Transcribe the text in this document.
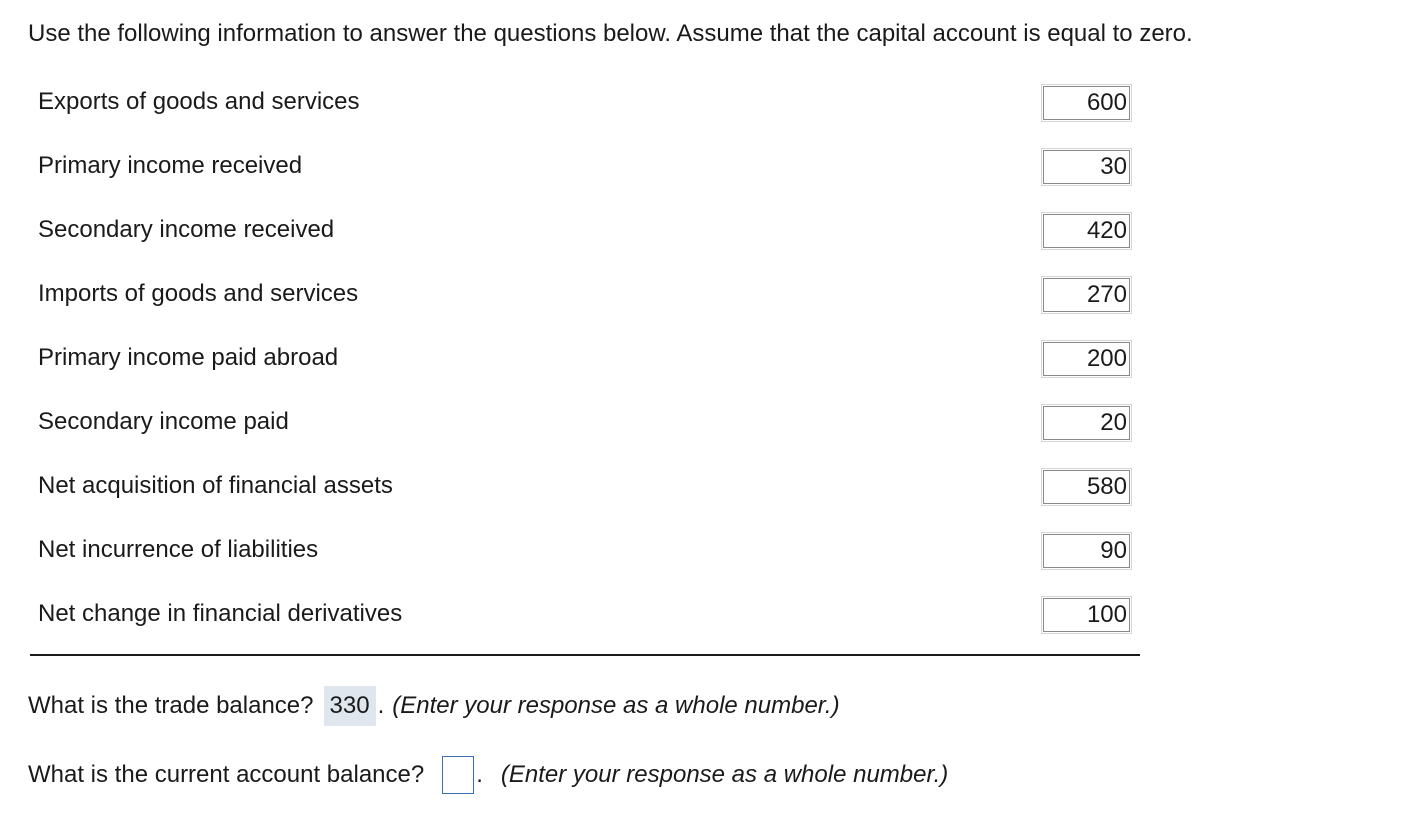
Use the following information to answer the questions below. Assume that the capital account is equal to zero.
Exports of goods and services	600
Primary income received	30
Secondary income received	420
Imports of goods and services	270
Primary income paid abroad	200
Secondary income paid	20
Net acquisition of financial assets	580
Net incurrence of liabilities	90
Net change in financial derivatives	100
What is the trade balance? 330 . (Enter your response as a whole number.)
What is the current account balance? . (Enter your response as a whole number.)
